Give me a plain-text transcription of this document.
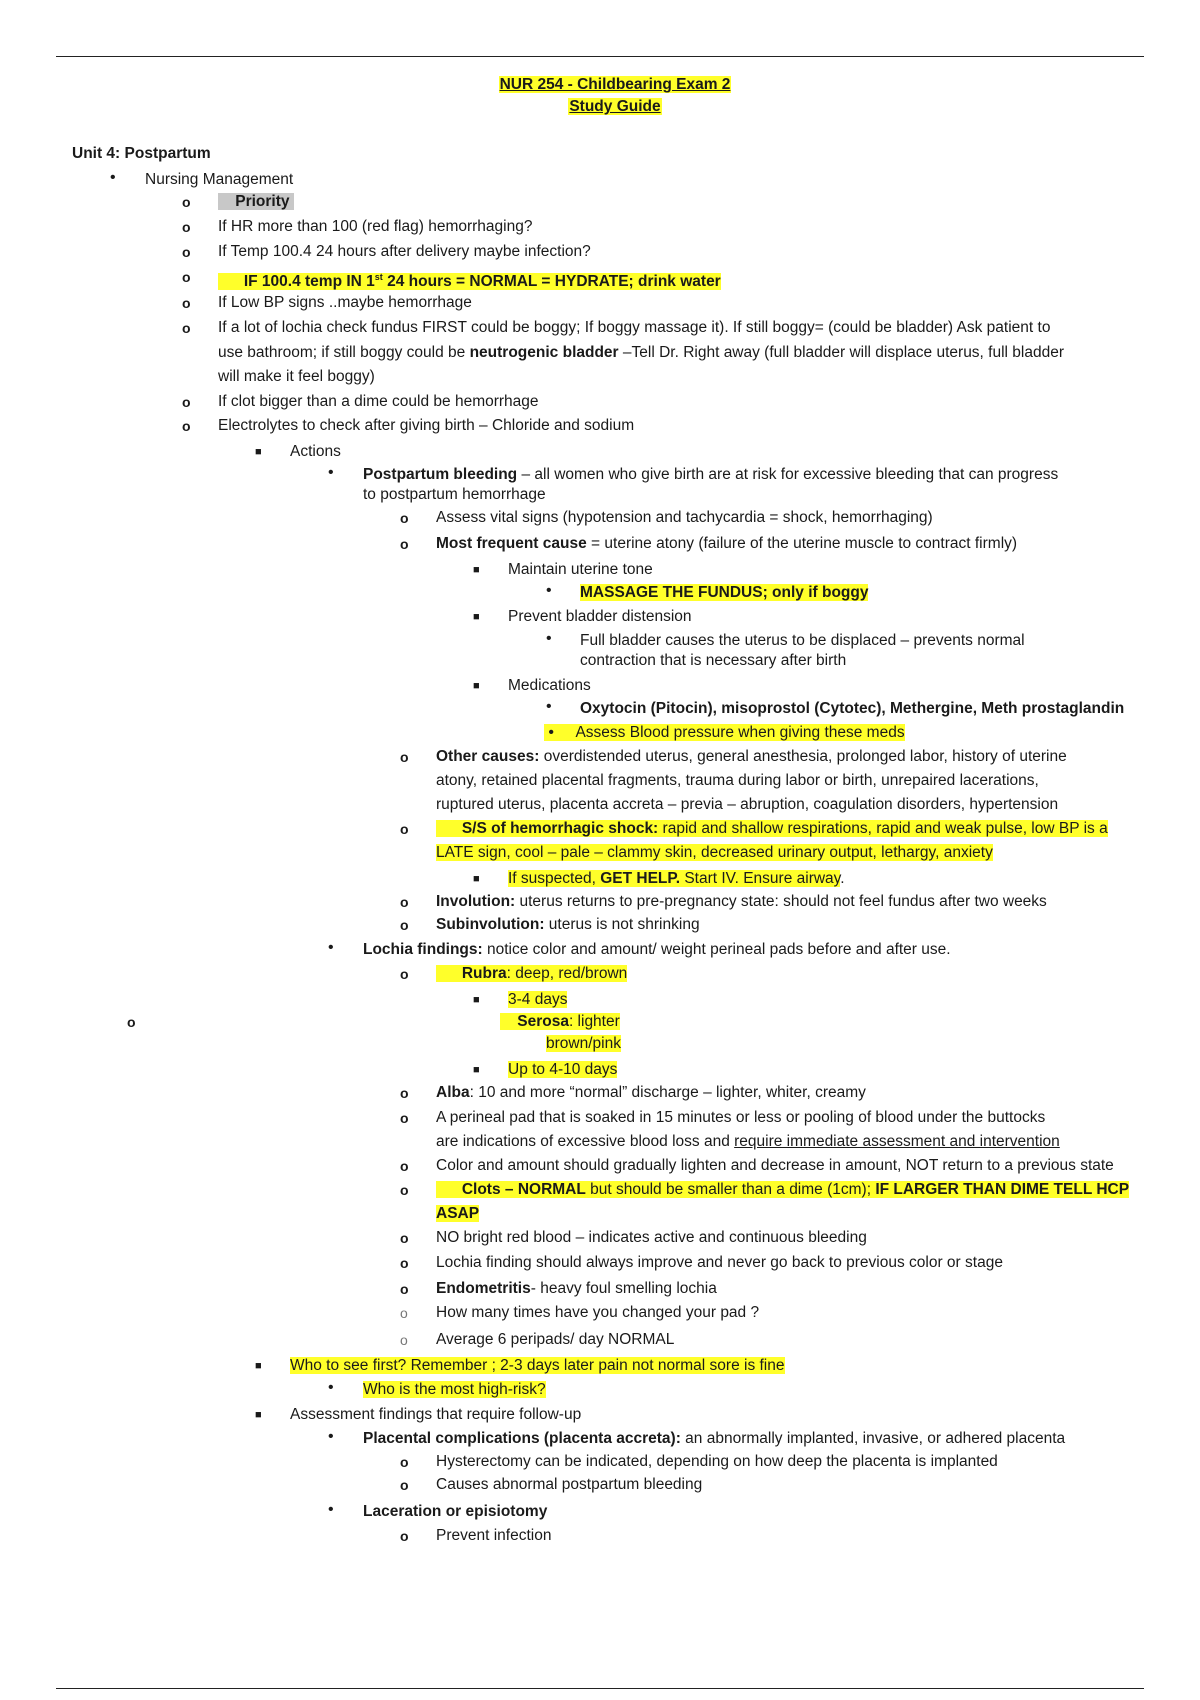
NUR 254 - Childbearing Exam 2
Study Guide
Unit 4: Postpartum
• Nursing Management
o	Priority
o If HR more than 100 (red flag) hemorrhaging?
o If Temp 100.4 24 hours after delivery maybe infection?
o	IF 100.4 temp IN 1st 24 hours = NORMAL = HYDRATE; drink water
o If Low BP signs ..maybe hemorrhage
o If a lot of lochia check fundus FIRST could be boggy; If boggy massage it). If still boggy= (could be bladder) Ask patient to
use bathroom; if still boggy could be neutrogenic bladder –Tell Dr. Right away (full bladder will displace uterus, full bladder
will make it feel boggy)
o If clot bigger than a dime could be hemorrhage
o Electrolytes to check after giving birth – Chloride and sodium
■ Actions
• Postpartum bleeding – all women who give birth are at risk for excessive bleeding that can progress
to postpartum hemorrhage
o Assess vital signs (hypotension and tachycardia = shock, hemorrhaging)
o Most frequent cause = uterine atony (failure of the uterine muscle to contract firmly)
■ Maintain uterine tone
• MASSAGE THE FUNDUS; only if boggy
■ Prevent bladder distension
• Full bladder causes the uterus to be displaced – prevents normal
contraction that is necessary after birth
■ Medications
• Oxytocin (Pitocin), misoprostol (Cytotec), Methergine, Meth prostaglandin
• Assess Blood pressure when giving these meds
o Other causes: overdistended uterus, general anesthesia, prolonged labor, history of uterine
atony, retained placental fragments, trauma during labor or birth, unrepaired lacerations,
ruptured uterus, placenta accreta – previa – abruption, coagulation disorders, hypertension
o	S/S of hemorrhagic shock: rapid and shallow respirations, rapid and weak pulse, low BP is a
LATE sign, cool – pale – clammy skin, decreased urinary output, lethargy, anxiety
■ If suspected, GET HELP. Start IV. Ensure airway.
o Involution: uterus returns to pre-pregnancy state: should not feel fundus after two weeks
o Subinvolution: uterus is not shrinking
• Lochia findings: notice color and amount/ weight perineal pads before and after use.
o	Rubra: deep, red/brown
■ 3-4 days
o	Serosa: lighter
brown/pink
■ Up to 4-10 days
o Alba: 10 and more “normal” discharge – lighter, whiter, creamy
o A perineal pad that is soaked in 15 minutes or less or pooling of blood under the buttocks
are indications of excessive blood loss and require immediate assessment and intervention
o Color and amount should gradually lighten and decrease in amount, NOT return to a previous state
o	Clots – NORMAL but should be smaller than a dime (1cm); IF LARGER THAN DIME TELL HCP
ASAP
o NO bright red blood – indicates active and continuous bleeding
o Lochia finding should always improve and never go back to previous color or stage
o Endometritis- heavy foul smelling lochia
o How many times have you changed your pad ?
o Average 6 peripads/ day NORMAL
■ Who to see first? Remember ; 2-3 days later pain not normal sore is fine
• Who is the most high-risk?
■ Assessment findings that require follow-up
• Placental complications (placenta accreta): an abnormally implanted, invasive, or adhered placenta
o Hysterectomy can be indicated, depending on how deep the placenta is implanted
o Causes abnormal postpartum bleeding
• Laceration or episiotomy
o Prevent infection
